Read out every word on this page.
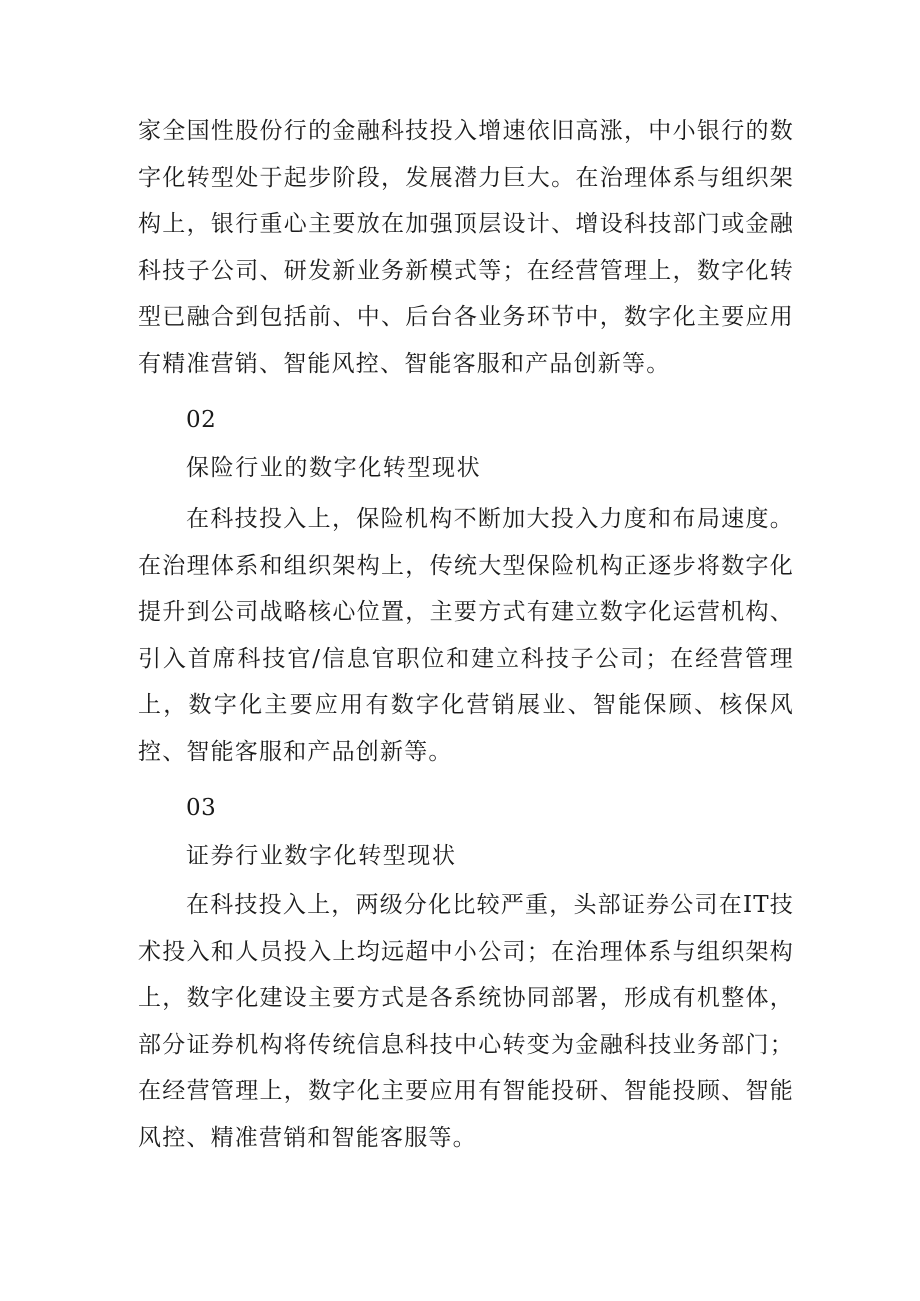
家全国性股份行的金融科技投入增速依旧高涨，中小银行的数字化转型处于起步阶段，发展潜力巨大。在治理体系与组织架构上，银行重心主要放在加强顶层设计、增设科技部门或金融科技子公司、研发新业务新模式等；在经营管理上，数字化转型已融合到包括前、中、后台各业务环节中，数字化主要应用有精准营销、智能风控、智能客服和产品创新等。

02

保险行业的数字化转型现状

在科技投入上，保险机构不断加大投入力度和布局速度。在治理体系和组织架构上，传统大型保险机构正逐步将数字化提升到公司战略核心位置，主要方式有建立数字化运营机构、引入首席科技官/信息官职位和建立科技子公司；在经营管理上，数字化主要应用有数字化营销展业、智能保顾、核保风控、智能客服和产品创新等。

03

证券行业数字化转型现状

在科技投入上，两级分化比较严重，头部证券公司在IT技术投入和人员投入上均远超中小公司；在治理体系与组织架构上，数字化建设主要方式是各系统协同部署，形成有机整体，部分证券机构将传统信息科技中心转变为金融科技业务部门；在经营管理上，数字化主要应用有智能投研、智能投顾、智能风控、精准营销和智能客服等。
